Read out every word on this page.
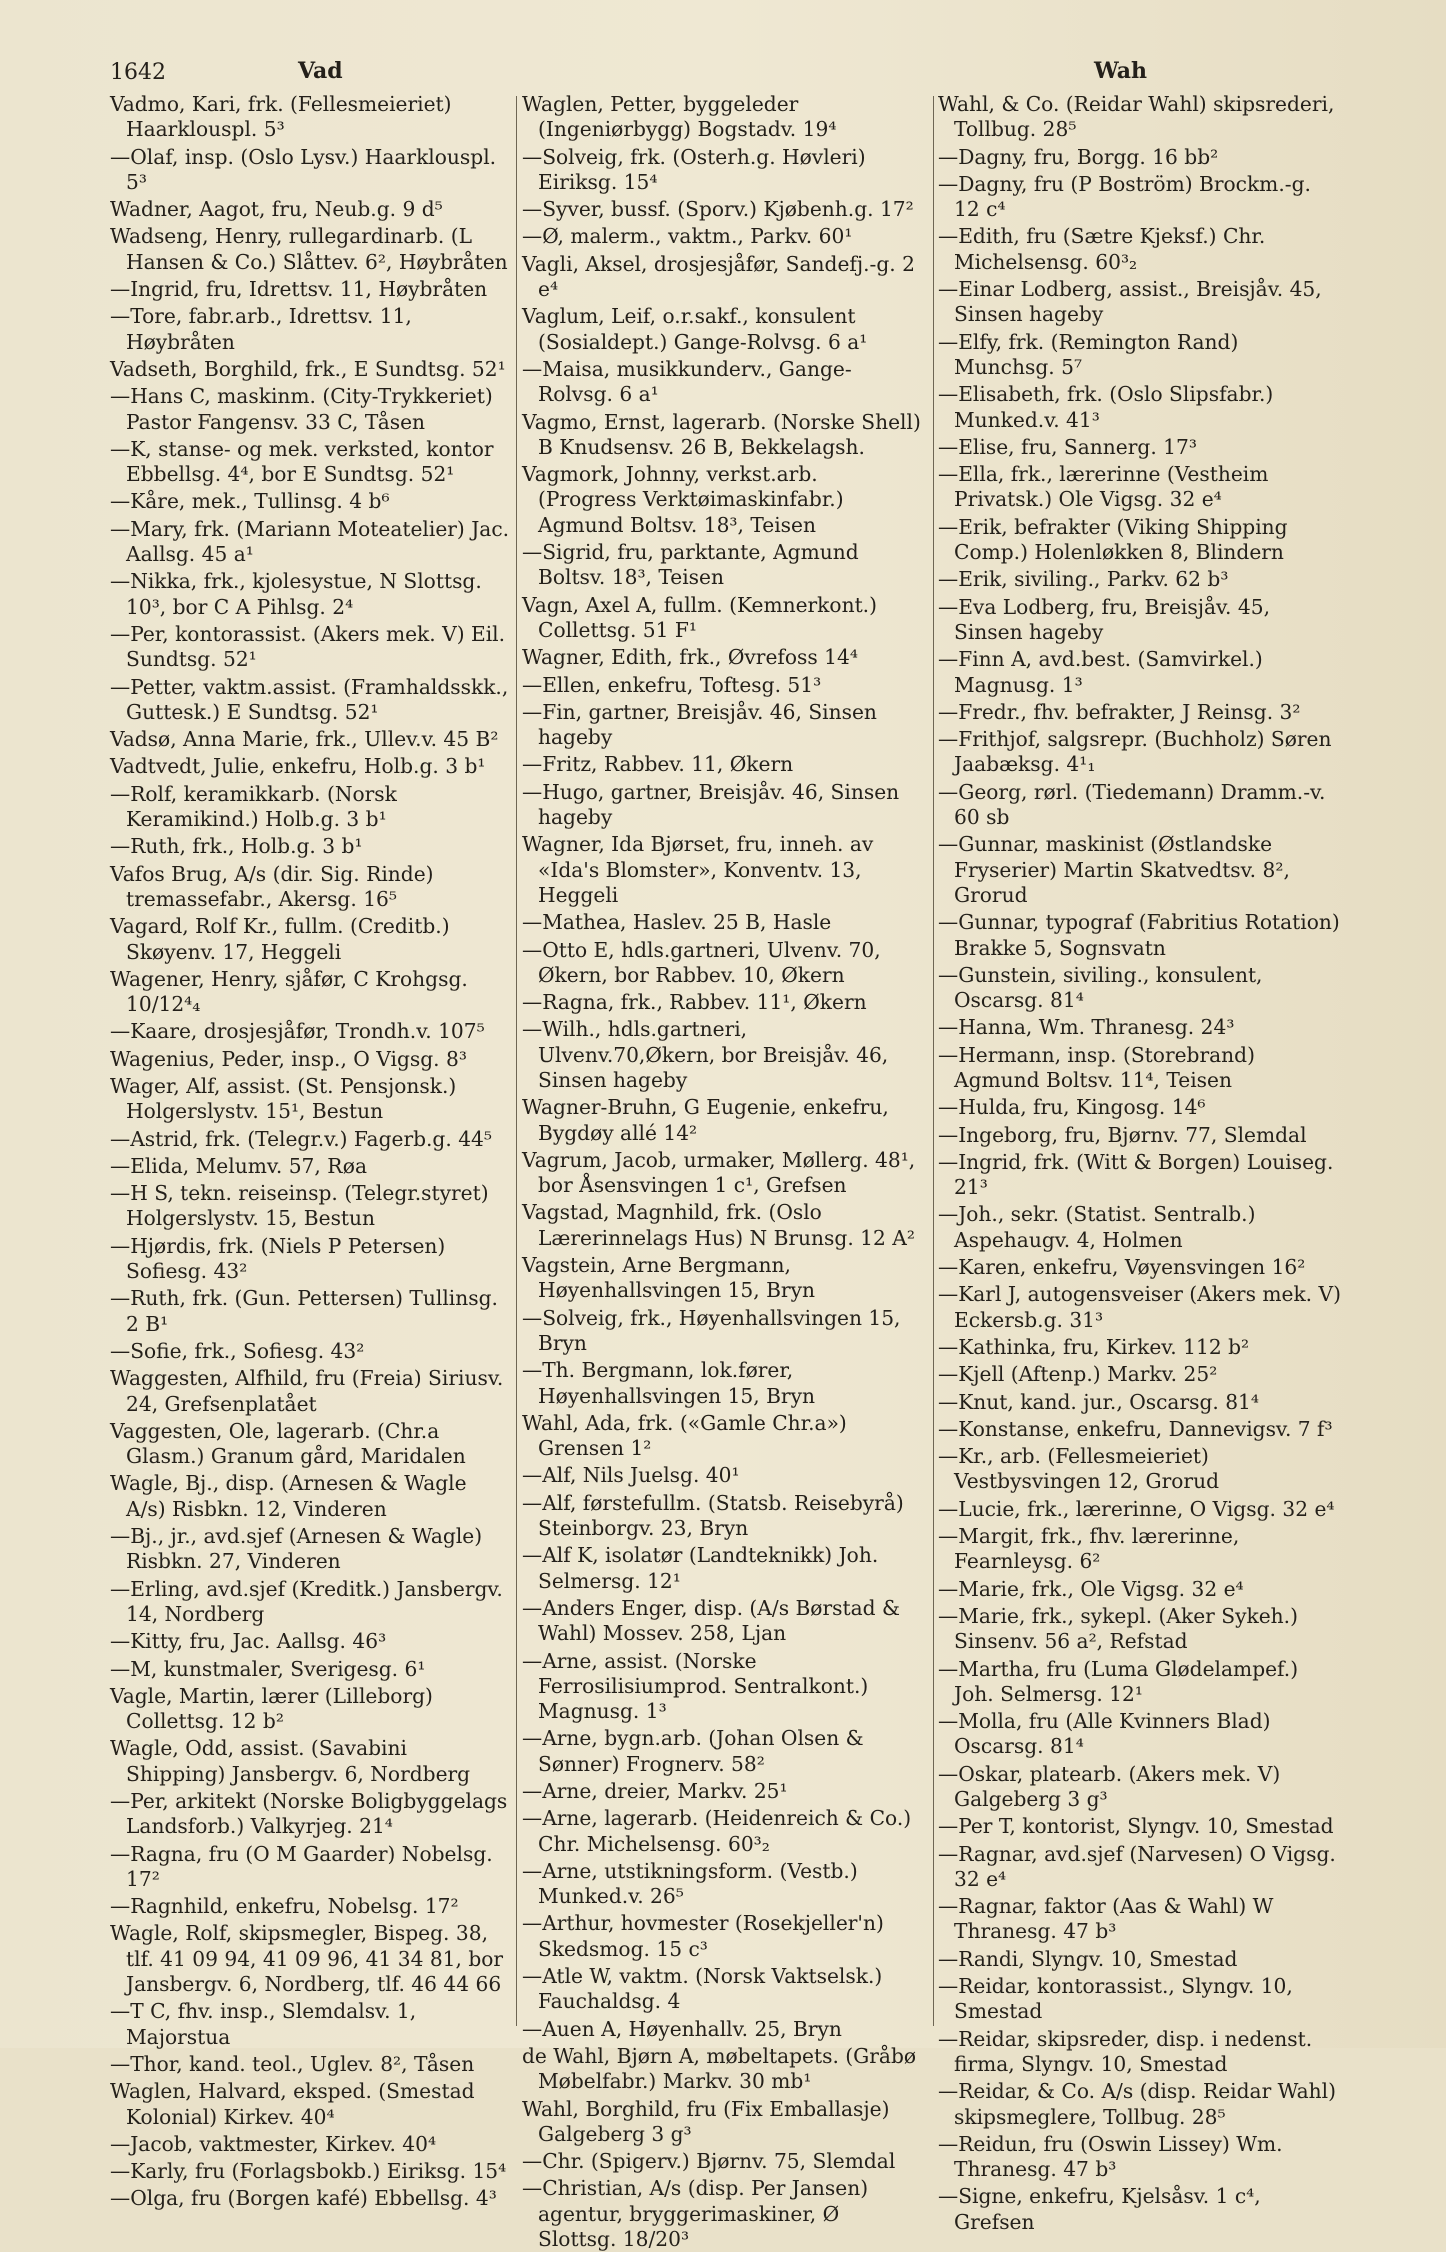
1642	Vad	Wah
Vadmo, Kari, frk. (Fellesmeieriet) Haarklouspl. 5³
—Olaf, insp. (Oslo Lysv.) Haarklouspl. 5³
Wadner, Aagot, fru, Neub.g. 9 d⁵
Wadseng, Henry, rullegardinarb. (L Hansen & Co.) Slåttev. 6², Høybråten
—Ingrid, fru, Idrettsv. 11, Høybråten
—Tore, fabr.arb., Idrettsv. 11, Høybråten
Vadseth, Borghild, frk., E Sundtsg. 52¹
—Hans C, maskinm. (City-Trykkeriet) Pastor Fangensv. 33 C, Tåsen
—K, stanse- og mek. verksted, kontor Ebbellsg. 4⁴, bor E Sundtsg. 52¹
—Kåre, mek., Tullinsg. 4 b⁶
—Mary, frk. (Mariann Moteatelier) Jac. Aallsg. 45 a¹
—Nikka, frk., kjolesystue, N Slottsg. 10³, bor C A Pihlsg. 2⁴
—Per, kontorassist. (Akers mek. V) Eil. Sundtsg. 52¹
—Petter, vaktm.assist. (Framhaldsskk., Guttesk.) E Sundtsg. 52¹
Vadsø, Anna Marie, frk., Ullev.v. 45 B²
Vadtvedt, Julie, enkefru, Holb.g. 3 b¹
—Rolf, keramikkarb. (Norsk Keramikind.) Holb.g. 3 b¹
—Ruth, frk., Holb.g. 3 b¹
Vafos Brug, A/s (dir. Sig. Rinde) tremassefabr., Akersg. 16⁵
Vagard, Rolf Kr., fullm. (Creditb.) Skøyenv. 17, Heggeli
Wagener, Henry, sjåfør, C Krohgsg. 10/12⁴₄
—Kaare, drosjesjåfør, Trondh.v. 107⁵
Wagenius, Peder, insp., O Vigsg. 8³
Wager, Alf, assist. (St. Pensjonsk.) Holgerslystv. 15¹, Bestun
—Astrid, frk. (Telegr.v.) Fagerb.g. 44⁵
—Elida, Melumv. 57, Røa
—H S, tekn. reiseinsp. (Telegr.styret) Holgerslystv. 15, Bestun
—Hjørdis, frk. (Niels P Petersen) Sofiesg. 43²
—Ruth, frk. (Gun. Pettersen) Tullinsg. 2 B¹
—Sofie, frk., Sofiesg. 43²
Waggesten, Alfhild, fru (Freia) Siriusv. 24, Grefsenplatået
Vaggesten, Ole, lagerarb. (Chr.a Glasm.) Granum gård, Maridalen
Wagle, Bj., disp. (Arnesen & Wagle A/s) Risbkn. 12, Vinderen
—Bj., jr., avd.sjef (Arnesen & Wagle) Risbkn. 27, Vinderen
—Erling, avd.sjef (Kreditk.) Jansbergv. 14, Nordberg
—Kitty, fru, Jac. Aallsg. 46³
—M, kunstmaler, Sverigesg. 6¹
Vagle, Martin, lærer (Lilleborg) Collettsg. 12 b²
Wagle, Odd, assist. (Savabini Shipping) Jansbergv. 6, Nordberg
—Per, arkitekt (Norske Boligbyggelags Landsforb.) Valkyrjeg. 21⁴
—Ragna, fru (O M Gaarder) Nobelsg. 17²
—Ragnhild, enkefru, Nobelsg. 17²
Wagle, Rolf, skipsmegler, Bispeg. 38, tlf. 41 09 94, 41 09 96, 41 34 81, bor Jansbergv. 6, Nordberg, tlf. 46 44 66
—T C, fhv. insp., Slemdalsv. 1, Majorstua
—Thor, kand. teol., Uglev. 8², Tåsen
Waglen, Halvard, eksped. (Smestad Kolonial) Kirkev. 40⁴
—Jacob, vaktmester, Kirkev. 40⁴
—Karly, fru (Forlagsbokb.) Eiriksg. 15⁴
—Olga, fru (Borgen kafé) Ebbellsg. 4³
Waglen, Petter, byggeleder (Ingeniørbygg) Bogstadv. 19⁴
—Solveig, frk. (Osterh.g. Høvleri) Eiriksg. 15⁴
—Syver, bussf. (Sporv.) Kjøbenh.g. 17²
—Ø, malerm., vaktm., Parkv. 60¹
Vagli, Aksel, drosjesjåfør, Sandefj.-g. 2 e⁴
Vaglum, Leif, o.r.sakf., konsulent (Sosialdept.) Gange-Rolvsg. 6 a¹
—Maisa, musikkunderv., Gange-Rolvsg. 6 a¹
Vagmo, Ernst, lagerarb. (Norske Shell) B Knudsensv. 26 B, Bekkelagsh.
Vagmork, Johnny, verkst.arb. (Progress Verktøimaskinfabr.) Agmund Boltsv. 18³, Teisen
—Sigrid, fru, parktante, Agmund Boltsv. 18³, Teisen
Vagn, Axel A, fullm. (Kemnerkont.) Collettsg. 51 F¹
Wagner, Edith, frk., Øvrefoss 14⁴
—Ellen, enkefru, Toftesg. 51³
—Fin, gartner, Breisjåv. 46, Sinsen hageby
—Fritz, Rabbev. 11, Økern
—Hugo, gartner, Breisjåv. 46, Sinsen hageby
Wagner, Ida Bjørset, fru, inneh. av «Ida's Blomster», Konventv. 13, Heggeli
—Mathea, Haslev. 25 B, Hasle
—Otto E, hdls.gartneri, Ulvenv. 70, Økern, bor Rabbev. 10, Økern
—Ragna, frk., Rabbev. 11¹, Økern
—Wilh., hdls.gartneri, Ulvenv.70,Økern, bor Breisjåv. 46, Sinsen hageby
Wagner-Bruhn, G Eugenie, enkefru, Bygdøy allé 14²
Vagrum, Jacob, urmaker, Møllerg. 48¹, bor Åsensvingen 1 c¹, Grefsen
Vagstad, Magnhild, frk. (Oslo Lærerinnelags Hus) N Brunsg. 12 A²
Vagstein, Arne Bergmann, Høyenhallsvingen 15, Bryn
—Solveig, frk., Høyenhallsvingen 15, Bryn
—Th. Bergmann, lok.fører, Høyenhallsvingen 15, Bryn
Wahl, Ada, frk. («Gamle Chr.a») Grensen 1²
—Alf, Nils Juelsg. 40¹
—Alf, førstefullm. (Statsb. Reisebyrå) Steinborgv. 23, Bryn
—Alf K, isolatør (Landteknikk) Joh. Selmersg. 12¹
—Anders Enger, disp. (A/s Børstad & Wahl) Mossev. 258, Ljan
—Arne, assist. (Norske Ferrosilisiumprod. Sentralkont.) Magnusg. 1³
—Arne, bygn.arb. (Johan Olsen & Sønner) Frognerv. 58²
—Arne, dreier, Markv. 25¹
—Arne, lagerarb. (Heidenreich & Co.) Chr. Michelsensg. 60³₂
—Arne, utstikningsform. (Vestb.) Munked.v. 26⁵
—Arthur, hovmester (Rosekjeller'n) Skedsmog. 15 c³
—Atle W, vaktm. (Norsk Vaktselsk.) Fauchaldsg. 4
—Auen A, Høyenhallv. 25, Bryn
de Wahl, Bjørn A, møbeltapets. (Gråbø Møbelfabr.) Markv. 30 mb¹
Wahl, Borghild, fru (Fix Emballasje) Galgeberg 3 g³
—Chr. (Spigerv.) Bjørnv. 75, Slemdal
—Christian, A/s (disp. Per Jansen) agentur, bryggerimaskiner, Ø Slottsg. 18/20³
Wahl, & Co. (Reidar Wahl) skipsrederi, Tollbug. 28⁵
—Dagny, fru, Borgg. 16 bb²
—Dagny, fru (P Boström) Brockm.-g. 12 c⁴
—Edith, fru (Sætre Kjeksf.) Chr. Michelsensg. 60³₂
—Einar Lodberg, assist., Breisjåv. 45, Sinsen hageby
—Elfy, frk. (Remington Rand) Munchsg. 5⁷
—Elisabeth, frk. (Oslo Slipsfabr.) Munked.v. 41³
—Elise, fru, Sannerg. 17³
—Ella, frk., lærerinne (Vestheim Privatsk.) Ole Vigsg. 32 e⁴
—Erik, befrakter (Viking Shipping Comp.) Holenløkken 8, Blindern
—Erik, siviling., Parkv. 62 b³
—Eva Lodberg, fru, Breisjåv. 45, Sinsen hageby
—Finn A, avd.best. (Samvirkel.) Magnusg. 1³
—Fredr., fhv. befrakter, J Reinsg. 3²
—Frithjof, salgsrepr. (Buchholz) Søren Jaabæksg. 4¹₁
—Georg, rørl. (Tiedemann) Dramm.-v. 60 sb
—Gunnar, maskinist (Østlandske Fryserier) Martin Skatvedtsv. 8², Grorud
—Gunnar, typograf (Fabritius Rotation) Brakke 5, Sognsvatn
—Gunstein, siviling., konsulent, Oscarsg. 81⁴
—Hanna, Wm. Thranesg. 24³
—Hermann, insp. (Storebrand) Agmund Boltsv. 11⁴, Teisen
—Hulda, fru, Kingosg. 14⁶
—Ingeborg, fru, Bjørnv. 77, Slemdal
—Ingrid, frk. (Witt & Borgen) Louiseg. 21³
—Joh., sekr. (Statist. Sentralb.) Aspehaugv. 4, Holmen
—Karen, enkefru, Vøyensvingen 16²
—Karl J, autogensveiser (Akers mek. V) Eckersb.g. 31³
—Kathinka, fru, Kirkev. 112 b²
—Kjell (Aftenp.) Markv. 25²
—Knut, kand. jur., Oscarsg. 81⁴
—Konstanse, enkefru, Dannevigsv. 7 f³
—Kr., arb. (Fellesmeieriet) Vestbysvingen 12, Grorud
—Lucie, frk., lærerinne, O Vigsg. 32 e⁴
—Margit, frk., fhv. lærerinne, Fearnleysg. 6²
—Marie, frk., Ole Vigsg. 32 e⁴
—Marie, frk., sykepl. (Aker Sykeh.) Sinsenv. 56 a², Refstad
—Martha, fru (Luma Glødelampef.) Joh. Selmersg. 12¹
—Molla, fru (Alle Kvinners Blad) Oscarsg. 81⁴
—Oskar, platearb. (Akers mek. V) Galgeberg 3 g³
—Per T, kontorist, Slyngv. 10, Smestad
—Ragnar, avd.sjef (Narvesen) O Vigsg. 32 e⁴
—Ragnar, faktor (Aas & Wahl) W Thranesg. 47 b³
—Randi, Slyngv. 10, Smestad
—Reidar, kontorassist., Slyngv. 10, Smestad
—Reidar, skipsreder, disp. i nedenst. firma, Slyngv. 10, Smestad
—Reidar, & Co. A/s (disp. Reidar Wahl) skipsmeglere, Tollbug. 28⁵
—Reidun, fru (Oswin Lissey) Wm. Thranesg. 47 b³
—Signe, enkefru, Kjelsåsv. 1 c⁴, Grefsen
